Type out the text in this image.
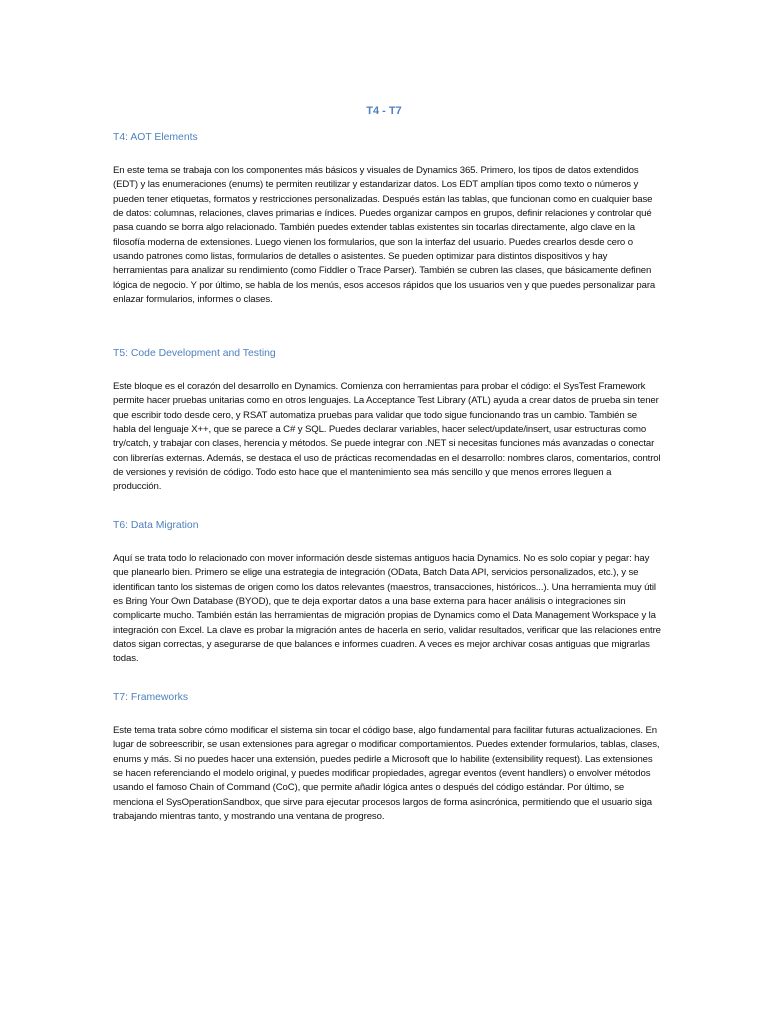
T4 - T7
T4: AOT Elements

En este tema se trabaja con los componentes más básicos y visuales de Dynamics 365. Primero, los tipos de datos extendidos (EDT) y las enumeraciones (enums) te permiten reutilizar y estandarizar datos. Los EDT amplían tipos como texto o números y pueden tener etiquetas, formatos y restricciones personalizadas. Después están las tablas, que funcionan como en cualquier base de datos: columnas, relaciones, claves primarias e índices. Puedes organizar campos en grupos, definir relaciones y controlar qué pasa cuando se borra algo relacionado. También puedes extender tablas existentes sin tocarlas directamente, algo clave en la filosofía moderna de extensiones. Luego vienen los formularios, que son la interfaz del usuario. Puedes crearlos desde cero o usando patrones como listas, formularios de detalles o asistentes. Se pueden optimizar para distintos dispositivos y hay herramientas para analizar su rendimiento (como Fiddler o Trace Parser). También se cubren las clases, que básicamente definen lógica de negocio. Y por último, se habla de los menús, esos accesos rápidos que los usuarios ven y que puedes personalizar para enlazar formularios, informes o clases.

T5: Code Development and Testing

Este bloque es el corazón del desarrollo en Dynamics. Comienza con herramientas para probar el código: el SysTest Framework permite hacer pruebas unitarias como en otros lenguajes. La Acceptance Test Library (ATL) ayuda a crear datos de prueba sin tener que escribir todo desde cero, y RSAT automatiza pruebas para validar que todo sigue funcionando tras un cambio. También se habla del lenguaje X++, que se parece a C# y SQL. Puedes declarar variables, hacer select/update/insert, usar estructuras como try/catch, y trabajar con clases, herencia y métodos. Se puede integrar con .NET si necesitas funciones más avanzadas o conectar con librerías externas. Además, se destaca el uso de prácticas recomendadas en el desarrollo: nombres claros, comentarios, control de versiones y revisión de código. Todo esto hace que el mantenimiento sea más sencillo y que menos errores lleguen a producción.

T6: Data Migration

Aquí se trata todo lo relacionado con mover información desde sistemas antiguos hacia Dynamics. No es solo copiar y pegar: hay que planearlo bien. Primero se elige una estrategia de integración (OData, Batch Data API, servicios personalizados, etc.), y se identifican tanto los sistemas de origen como los datos relevantes (maestros, transacciones, históricos...). Una herramienta muy útil es Bring Your Own Database (BYOD), que te deja exportar datos a una base externa para hacer análisis o integraciones sin complicarte mucho. También están las herramientas de migración propias de Dynamics como el Data Management Workspace y la integración con Excel. La clave es probar la migración antes de hacerla en serio, validar resultados, verificar que las relaciones entre datos sigan correctas, y asegurarse de que balances e informes cuadren. A veces es mejor archivar cosas antiguas que migrarlas todas.

T7: Frameworks

Este tema trata sobre cómo modificar el sistema sin tocar el código base, algo fundamental para facilitar futuras actualizaciones. En lugar de sobreescribir, se usan extensiones para agregar o modificar comportamientos. Puedes extender formularios, tablas, clases, enums y más. Si no puedes hacer una extensión, puedes pedirle a Microsoft que lo habilite (extensibility request). Las extensiones se hacen referenciando el modelo original, y puedes modificar propiedades, agregar eventos (event handlers) o envolver métodos usando el famoso Chain of Command (CoC), que permite añadir lógica antes o después del código estándar. Por último, se menciona el SysOperationSandbox, que sirve para ejecutar procesos largos de forma asincrónica, permitiendo que el usuario siga trabajando mientras tanto, y mostrando una ventana de progreso.
